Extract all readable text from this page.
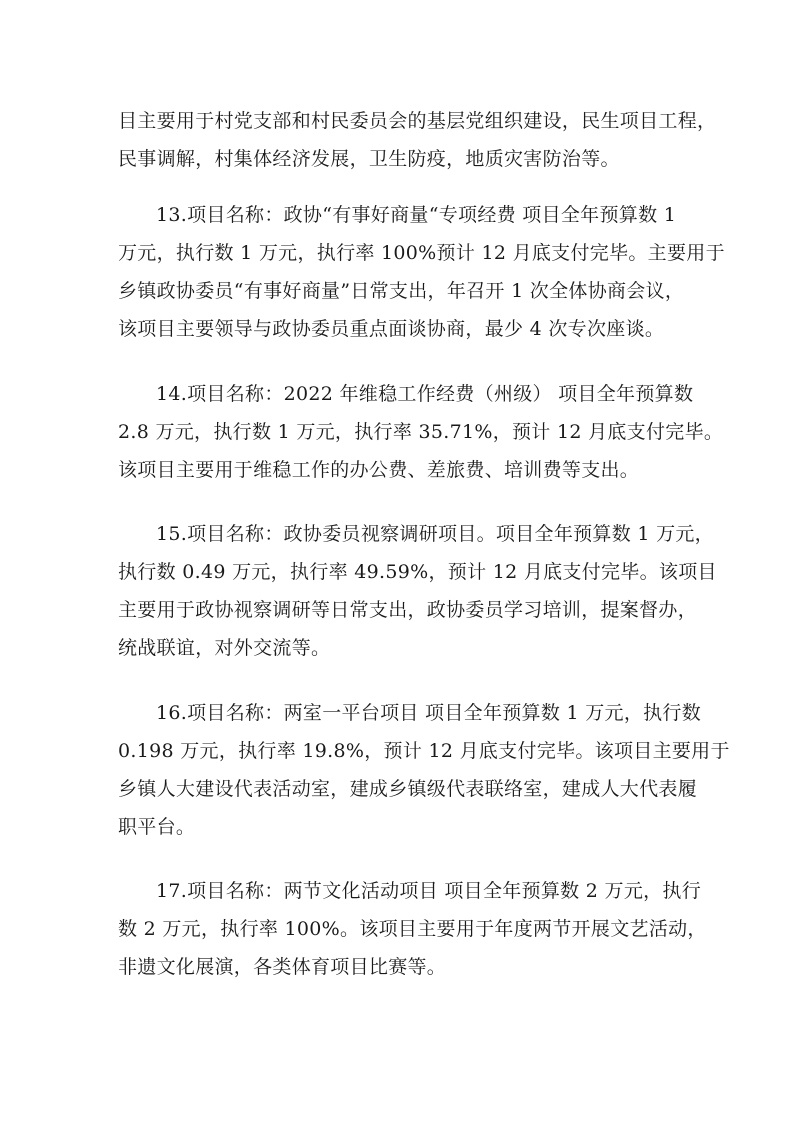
目主要用于村党支部和村民委员会的基层党组织建设，民生项目工程，
民事调解，村集体经济发展，卫生防疫，地质灾害防治等。
13.项目名称：政协“有事好商量“专项经费 项目全年预算数 1
万元，执行数 1 万元，执行率 100%预计 12 月底支付完毕。主要用于
乡镇政协委员“有事好商量”日常支出，年召开 1 次全体协商会议，
该项目主要领导与政协委员重点面谈协商，最少 4 次专次座谈。
14.项目名称：2022 年维稳工作经费（州级） 项目全年预算数
2.8 万元，执行数 1 万元，执行率 35.71%，预计 12 月底支付完毕。
该项目主要用于维稳工作的办公费、差旅费、培训费等支出。
15.项目名称：政协委员视察调研项目。项目全年预算数 1 万元，
执行数 0.49 万元，执行率 49.59%，预计 12 月底支付完毕。该项目
主要用于政协视察调研等日常支出，政协委员学习培训，提案督办，
统战联谊，对外交流等。
16.项目名称：两室一平台项目 项目全年预算数 1 万元，执行数
0.198 万元，执行率 19.8%，预计 12 月底支付完毕。该项目主要用于
乡镇人大建设代表活动室，建成乡镇级代表联络室，建成人大代表履
职平台。
17.项目名称：两节文化活动项目 项目全年预算数 2 万元，执行
数 2 万元，执行率 100%。该项目主要用于年度两节开展文艺活动，
非遗文化展演，各类体育项目比赛等。
